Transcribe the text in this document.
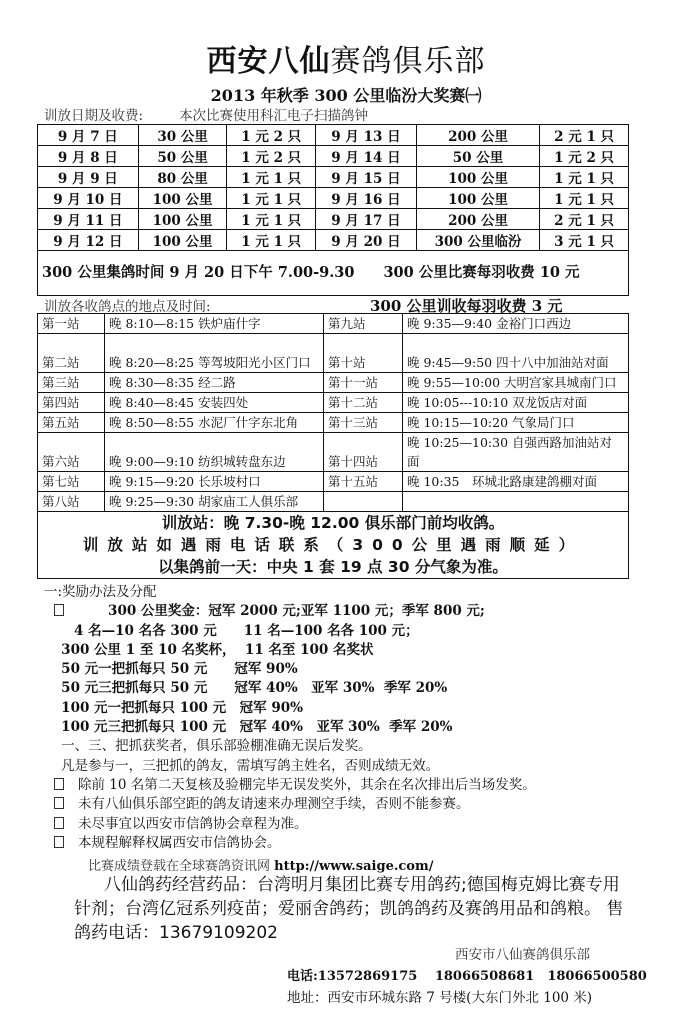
西安八仙赛鸽俱乐部
2013 年秋季 300 公里临汾大奖赛㈠
训放日期及收费:	本次比赛使用科汇电子扫描鸽钟
9 月 7 日	30 公里	1 元 2 只	9 月 13 日	200 公里	2 元 1 只
9 月 8 日	50 公里	1 元 2 只	9 月 14 日	50 公里	1 元 2 只
9 月 9 日	80 公里	1 元 1 只	9 月 15 日	100 公里	1 元 1 只
9 月 10 日	100 公里	1 元 1 只	9 月 16 日	100 公里	1 元 1 只
9 月 11 日	100 公里	1 元 1 只	9 月 17 日	200 公里	2 元 1 只
9 月 12 日	100 公里	1 元 1 只	9 月 20 日	300 公里临汾	3 元 1 只
300 公里集鸽时间 9 月 20 日下午 7.00-9.30　　300 公里比赛每羽收费 10 元					
训放各收鸽点的地点及时间:	300 公里训收每羽收费 3 元
第一站	晚 8:10—8:15 铁炉庙什字	第九站	晚 9:35—9:40 金裕门口西边
第二站	晚 8:20—8:25 等驾坡阳光小区门口	第十站	晚 9:45—9:50 四十八中加油站对面
第三站	晚 8:30—8:35 经二路	第十一站	晚 9:55—10:00 大明宫家具城南门口
第四站	晚 8:40—8:45 安装四处	第十二站	晚 10:05---10:10 双龙饭店对面
第五站	晚 8:50—8:55 水泥厂什字东北角	第十三站	晚 10:15—10:20 气象局门口
第六站	晚 9:00—9:10 纺织城转盘东边	第十四站	晚 10:25—10:30 自强西路加油站对面
第七站	晚 9:15—9:20 长乐坡村口	第十五站	晚 10:35　环城北路康建鸽棚对面
第八站	晚 9:25—9:30 胡家庙工人俱乐部		

训放站：晚 7.30-晚 12.00 俱乐部门前均收鸽。
训放站如遇雨电话联系（300公里遇雨顺延）
以集鸽前一天：中央 1 套 19 点 30 分气象为准。			
一:奖励办法及分配
300 公里奖金：冠军 2000 元;亚军 1100 元；季军 800 元;
4 名—10 名各 300 元　　11 名—100 名各 100 元；
300 公里 1 至 10 名奖杯，  11 名至 100 名奖状
50 元一把抓每只 50 元　　冠军 90%
50 元三把抓每只 50 元　　冠军 40%　亚军 30%  季军 20%
100 元一把抓每只 100 元　冠军 90%
100 元三把抓每只 100 元　冠军 40%　亚军 30%  季军 20%
一、三、把抓获奖者，俱乐部验棚准确无误后发奖。
凡是参与一，三把抓的鸽友，需填写鸽主姓名，否则成绩无效。
除前 10 名第二天复核及验棚完毕无误发奖外，其余在名次排出后当场发奖。
未有八仙俱乐部空距的鸽友请速来办理测空手续，否则不能参赛。
未尽事宜以西安市信鸽协会章程为准。
本规程解释权属西安市信鸽协会。
比赛成绩登载在全球赛鸽资讯网 http://www.saige.com/
八仙鸽药经营药品：台湾明月集团比赛专用鸽药;德国梅克姆比赛专用针剂；台湾亿冠系列疫苗；爱丽舍鸽药；凯鸽鸽药及赛鸽用品和鸽粮。 售鸽药电话：13679109202
西安市八仙赛鸽俱乐部
电话:13572869175　 18066508681　18066500580
地址：西安市环城东路 7 号楼(大东门外北 100 米)
